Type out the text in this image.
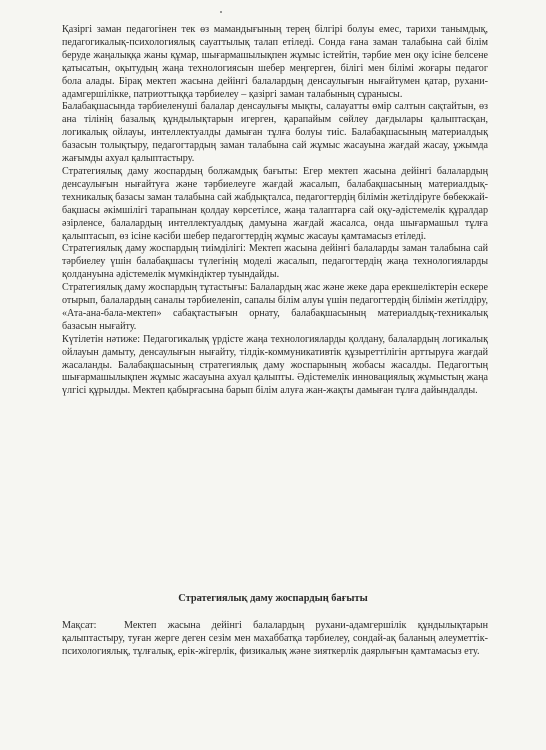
Қазіргі заман педагогінен тек өз мамандығының терең білгірі болуы емес, тарихи танымдық, педагогикалық-психологиялық сауаттылық талап етіледі. Сонда ғана заман талабына сай білім беруде жаңалыққа жаны құмар, шығармашылықпен жұмыс істейтін, тәрбие мен оқу ісіне белсене қатысатын, оқытудың жаңа технологиясын шебер меңгерген, білігі мен білімі жоғары педагог бола алады. Бірақ мектеп жасына дейінгі балалардың денсаулығын нығайтумен қатар, рухани-адамгершілікке, патриоттыққа тәрбиелеу – қазіргі заман талабының сұранысы.

Балабақшасында тәрбиеленуші балалар денсаулығы мықты, салауатты өмір салтын сақтайтын, өз ана тілінің базалық құндылықтарын игерген, қарапайым сөйлеу дағдылары қалыптасқан, логикалық ойлауы, интеллектуалды дамыған тұлға болуы тиіс. Балабақшасының материалдық базасын толықтыру, педагогтардың заман талабына сай жұмыс жасауына жағдай жасау, ұжымда жағымды ахуал қалыптастыру.

Стратегиялық даму жоспардың болжамдық бағыты: Егер мектеп жасына дейінгі балалардың денсаулығын нығайтуға және тәрбиелеуге жағдай жасалып, балабақшасының материалдық-техникалық базасы заман талабына сай жабдықталса, педагогтердің білімін жетілдіруге бөбекжай-бақшасы әкімшілігі тарапынан қолдау көрсетілсе, жаңа талаптарға сай оқу-әдістемелік құралдар әзірленсе, балалардың интеллектуалдық дамуына жағдай жасалса, онда шығармашыл тұлға қалыптасып, өз ісіне кәсіби шебер педагогтердің жұмыс жасауы қамтамасыз етіледі.

Стратегиялық даму жоспардың тиімділігі: Мектеп жасына дейінгі балаларды заман талабына сай тәрбиелеу үшін балабақшасы түлегінің моделі жасалып, педагогтердің жаңа технологияларды қолдануына әдістемелік мүмкіндіктер туындайды.

Стратегиялық даму жоспардың тұтастығы: Балалардың жас және жеке дара ерекшеліктерін ескере отырып, балалардың саналы тәрбиеленіп, сапалы білім алуы үшін педагогтердің білімін жетілдіру, «Ата-ана-бала-мектеп» сабақтастығын орнату, балабақшасының материалдық-техникалық базасын нығайту.

Күтілетін нәтиже: Педагогикалық үрдісте жаңа технологияларды қолдану, балалардың логикалық ойлауын дамыту, денсаулығын нығайту, тілдік-коммуникативтік құзыреттілігін арттыруға жағдай жасаланды. Балабақшасының стратегиялық даму жоспарының жобасы жасалды. Педагогтың шығармашылықпен жұмыс жасауына ахуал қалыпты. Әдістемелік инновациялық жұмыстың жаңа үлгісі құрылды. Мектеп қабырғасына барып білім алуға жан-жақты дамыған тұлға дайындалды.

Стратегиялық даму жоспардың бағыты

Мақсат:	Мектеп жасына дейінгі балалардың рухани-адамгершілік құндылықтарын қалыптастыру, туған жерге деген сезім мен махаббатқа тәрбиелеу, сондай-ақ баланың әлеуметтік-психологиялық, тұлғалық, ерік-жігерлік, физикалық және зияткерлік даярлығын қамтамасыз ету.
